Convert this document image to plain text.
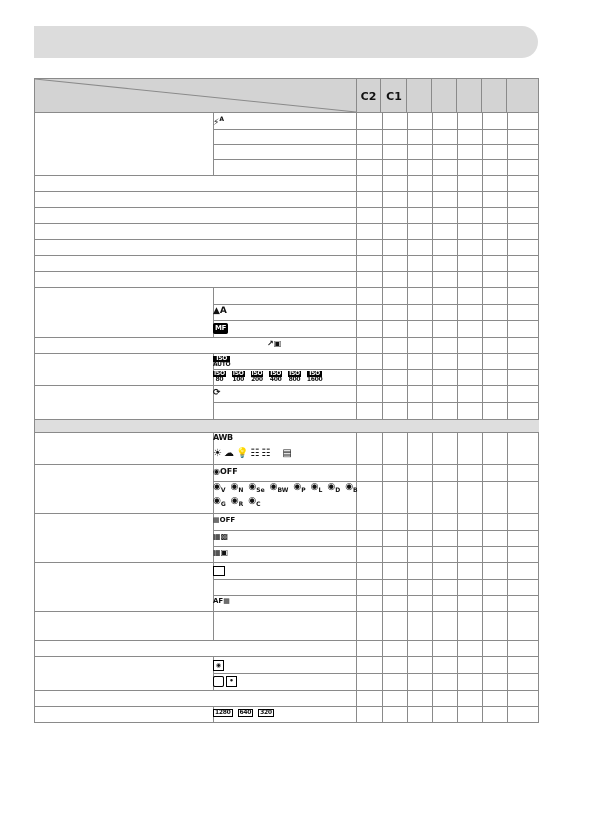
C2 C1
⚡$^A$
▲A
MF
↗▣
ISO
AUTO
ISO
80
ISO
100
ISO
200
ISO
400
ISO
800
ISO
1600
⟳
AWB
☀ ☁ 💡 ☷ ☷ ▤
◉OFF
$◉_V$ $◉_N$ $◉_{Se}$ $◉_{BW}$ $◉_P$ $◉_L$ $◉_D$ $◉_B$
$◉_G$ $◉_R$ $◉_C$
▦OFF
▦▩
▦▣
AF▦
◉
•
1280	640	320
